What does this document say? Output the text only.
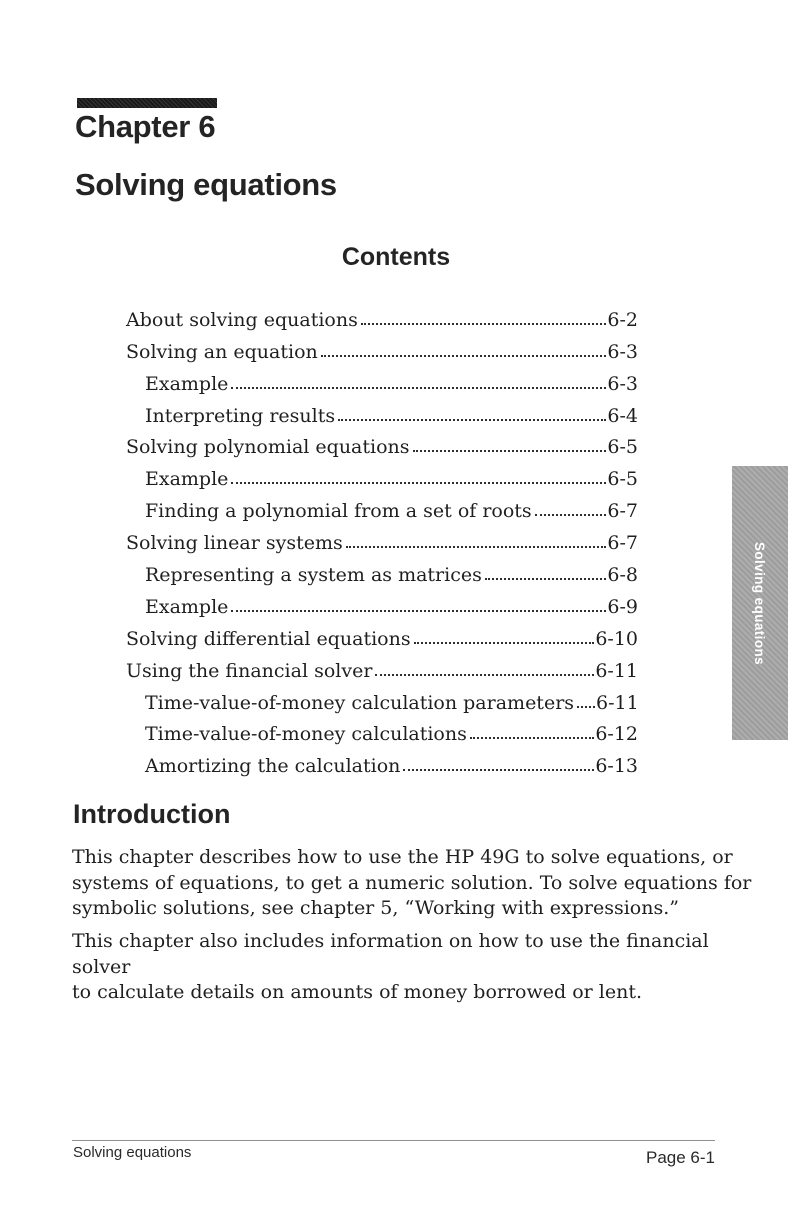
Chapter 6
Solving equations
Contents
About solving equations	6-2
Solving an equation	6-3
Example	6-3
Interpreting results	6-4
Solving polynomial equations	6-5
Example	6-5
Finding a polynomial from a set of roots	6-7
Solving linear systems	6-7
Representing a system as matrices	6-8
Example	6-9
Solving differential equations	6-10
Using the financial solver	6-11
Time-value-of-money calculation parameters 6-11
Time-value-of-money calculations	6-12
Amortizing the calculation	6-13
Introduction

This chapter describes how to use the HP 49G to solve equations, or
systems of equations, to get a numeric solution. To solve equations for
symbolic solutions, see chapter 5, “Working with expressions.”

This chapter also includes information on how to use the financial solver
to calculate details on amounts of money borrowed or lent.

Solving equations	Page 6-1
Solving equations
